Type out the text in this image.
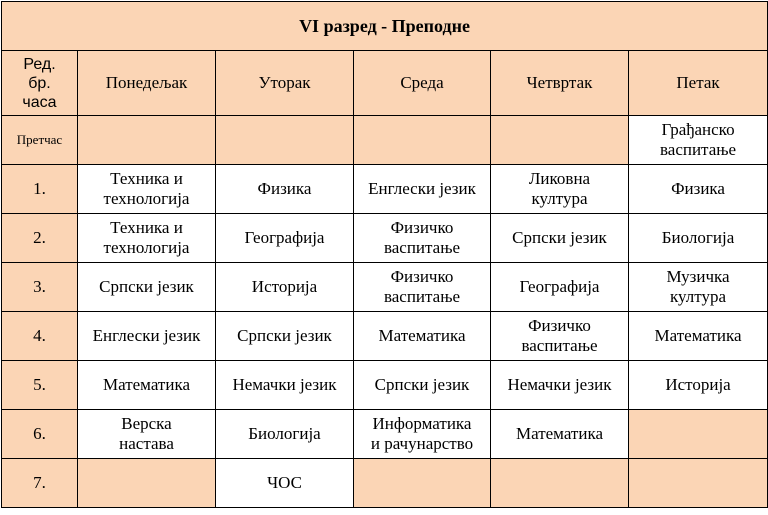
VI разред - Преподне					
Ред.
бр.
часа	Понедељак	Уторак	Среда	Четвртак	Петак
Претчас					Грађанско
васпитање
1.	Техника и
технологија	Физика	Енглески језик	Ликовна
култура	Физика
2.	Техника и
технологија	Географија	Физичко
васпитање	Српски језик	Биологија
3.	Српски језик	Историја	Физичко
васпитање	Географија	Музичка
култура
4.	Енглески језик	Српски језик	Математика	Физичко
васпитање	Математика
5.	Математика	Немачки језик	Српски језик	Немачки језик	Историја
6.	Верска
настава	Биологија	Информатика
и рачунарство	Математика	
7.		ЧОС			
